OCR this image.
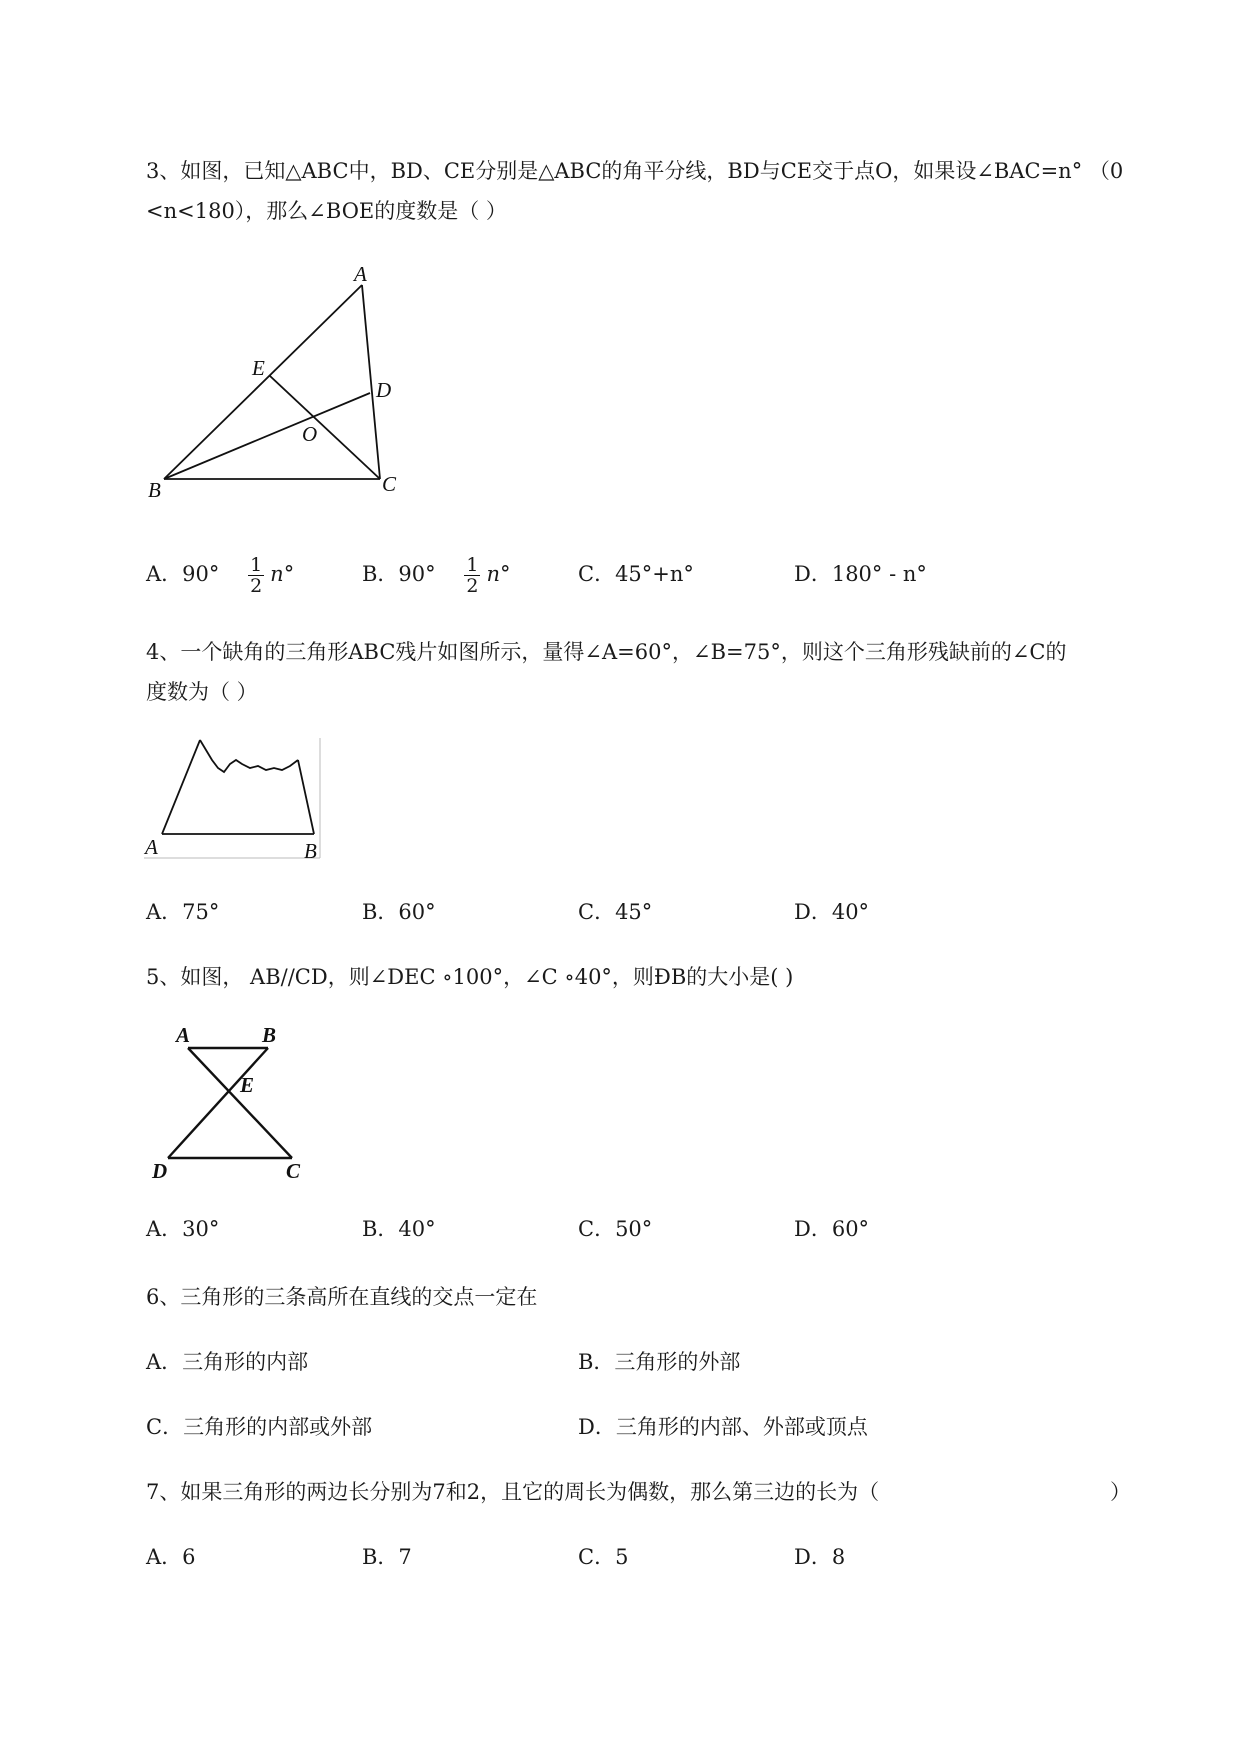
3、如图，已知△ABC中，BD、CE分别是△ABC的角平分线，BD与CE交于点O，如果设∠BAC=n° （0
<n<180），那么∠BOE的度数是（ ）
A
E
D
O
B	C
A．$90^\circ \frac{1}{2} n^\circ$	B．$90^\circ \frac{1}{2} n^\circ$	C．45°+n°	D．180° - n°
4、一个缺角的三角形ABC残片如图所示，量得∠A=60°，∠B=75°，则这个三角形残缺前的∠C的
度数为（ ）
A	B
A．75°	B．60°	C．45°	D．40°
5、如图， AB//CD，则∠DEC ∘100°，∠C ∘40°，则ÐB的大小是( )
A	B
E
D	C
A．30°	B．40°	C．50°	D．60°
6、三角形的三条高所在直线的交点一定在
A．三角形的内部	B．三角形的外部
C．三角形的内部或外部	D．三角形的内部、外部或顶点
7、如果三角形的两边长分别为7和2，且它的周长为偶数，那么第三边的长为（	）
A．6	B．7	C．5	D．8
